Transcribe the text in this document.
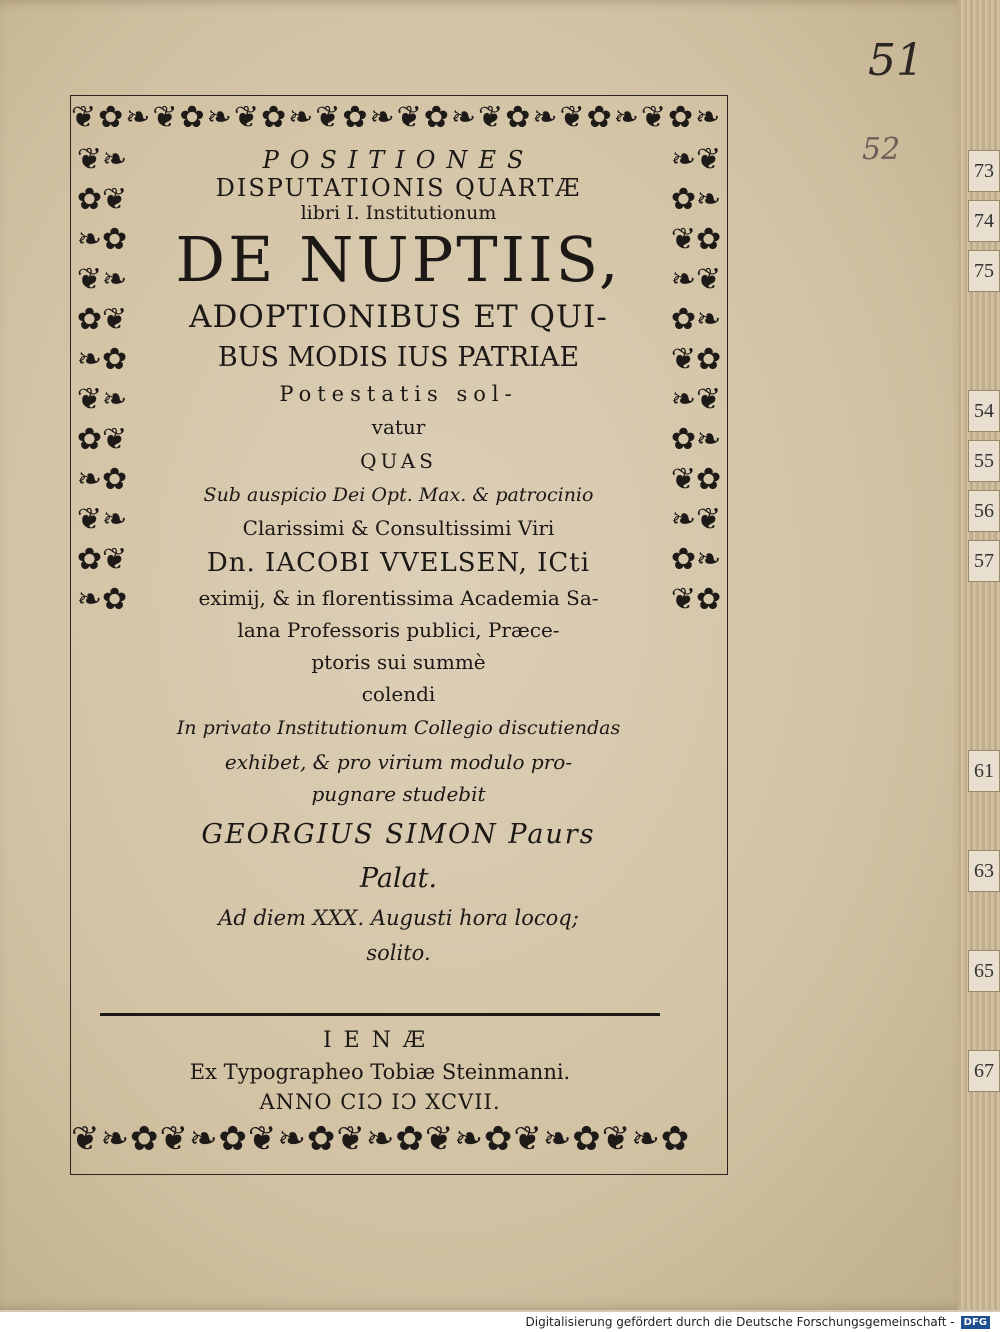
❦✿❧❦✿❧❦✿❧❦✿❧❦✿❧❦✿❧❦✿❧❦✿❧
❦❧✿❦❧✿❦❧✿❦❧✿❦❧✿❦❧✿❦❧✿❦❧✿
❧❦✿❧❦✿❧❦✿❧❦✿❧❦✿❧❦✿❧❦✿❧❦✿
❦❧✿❦❧✿❦❧✿❦❧✿❦❧✿❦❧✿❦❧✿
POSITIONES
DISPUTATIONIS QUARTÆ
libri I. Institutionum
DE NUPTIIS,
ADOPTIONIBUS ET QUI-
BUS MODIS IUS PATRIAE
Potestatis sol-
vatur
QUAS
Sub auspicio Dei Opt. Max. & patrocinio
Clarissimi & Consultissimi Viri
Dn. IACOBI VVELSEN, ICti
eximij, & in florentissima Academia Sa-
lana Professoris publici, Præce-
ptoris sui summè
colendi
In privato Institutionum Collegio discutiendas
exhibet, & pro virium modulo pro-
pugnare studebit
GEORGIUS SIMON Paurs
Palat.
Ad diem XXX. Augusti hora locoq;
solito.
IENÆ
Ex Typographeo Tobiæ Steinmanni.
ANNO CIƆ IƆ XCVII.
51
52
73
74
75
54
55
56
57
61
63
65
67
Digitalisierung gefördert durch die Deutsche Forschungsgemeinschaft - DFG
